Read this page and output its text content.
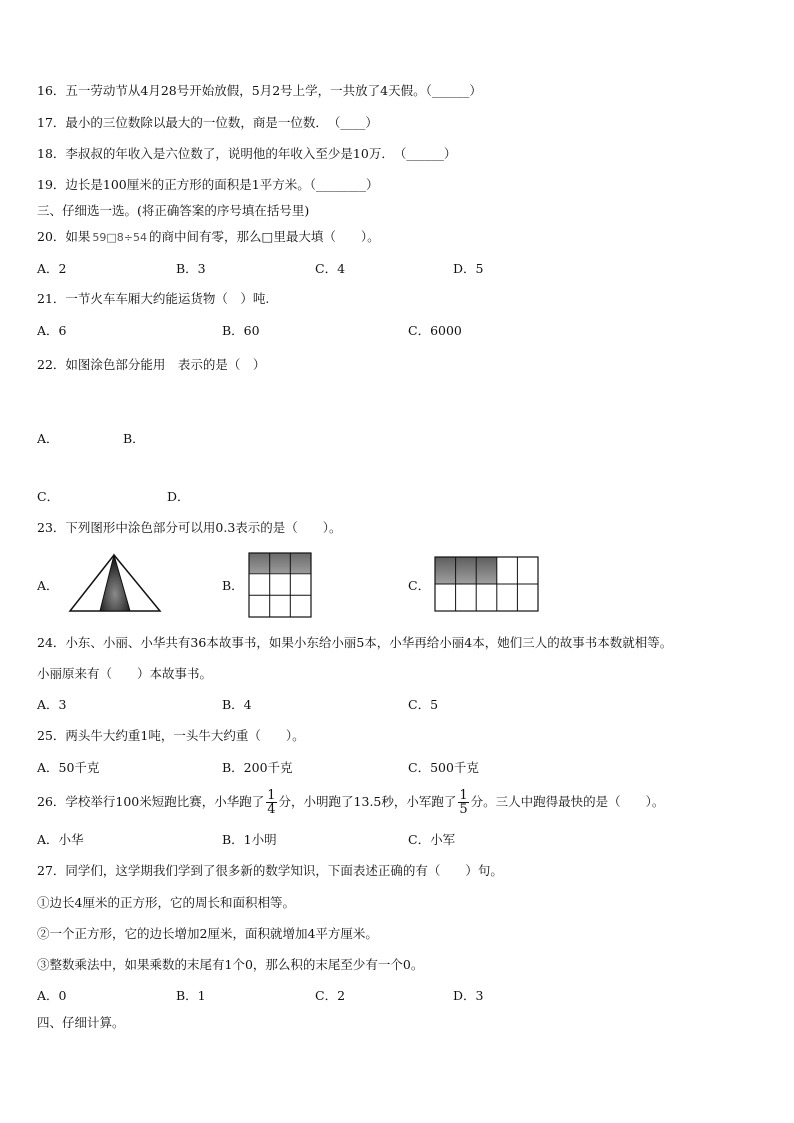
16．五一劳动节从4月28号开始放假，5月2号上学，一共放了4天假。（______）
17．最小的三位数除以最大的一位数，商是一位数．　（____）
18．李叔叔的年收入是六位数了，说明他的年收入至少是10万．　（______）
19．边长是100厘米的正方形的面积是1平方米。（________）
三、仔细选一选。(将正确答案的序号填在括号里)
20．如果 59□8÷54 的商中间有零，那么□里最大填（　　）。
A．2	B．3	C．4	D．5
21．一节火车车厢大约能运货物（　）吨.
A．6	B．60	C．6000
22．如图涂色部分能用　表示的是（　）
A．	B．
C．	D．
23．下列图形中涂色部分可以用0.3表示的是（　　）。
A．	B．	C．
24．小东、小丽、小华共有36本故事书，如果小东给小丽5本，小华再给小丽4本，她们三人的故事书本数就相等。
小丽原来有（　　）本故事书。
A．3	B．4	C．5
25．两头牛大约重1吨，一头牛大约重（　　）。
A．50千克	B．200千克	C．500千克
26．学校举行100米短跑比赛，小华跑了 $\frac{1}{4}$ 分，小明跑了13.5秒，小军跑了 $\frac{1}{5}$ 分。三人中跑得最快的是（　　）。
A．小华	B．1小明	C．小军
27．同学们，这学期我们学到了很多新的数学知识，下面表述正确的有（　　）句。
①边长4厘米的正方形，它的周长和面积相等。
②一个正方形，它的边长增加2厘米，面积就增加4平方厘米。
③整数乘法中，如果乘数的末尾有1个0，那么积的末尾至少有一个0。
A．0	B．1	C．2	D．3
四、仔细计算。
